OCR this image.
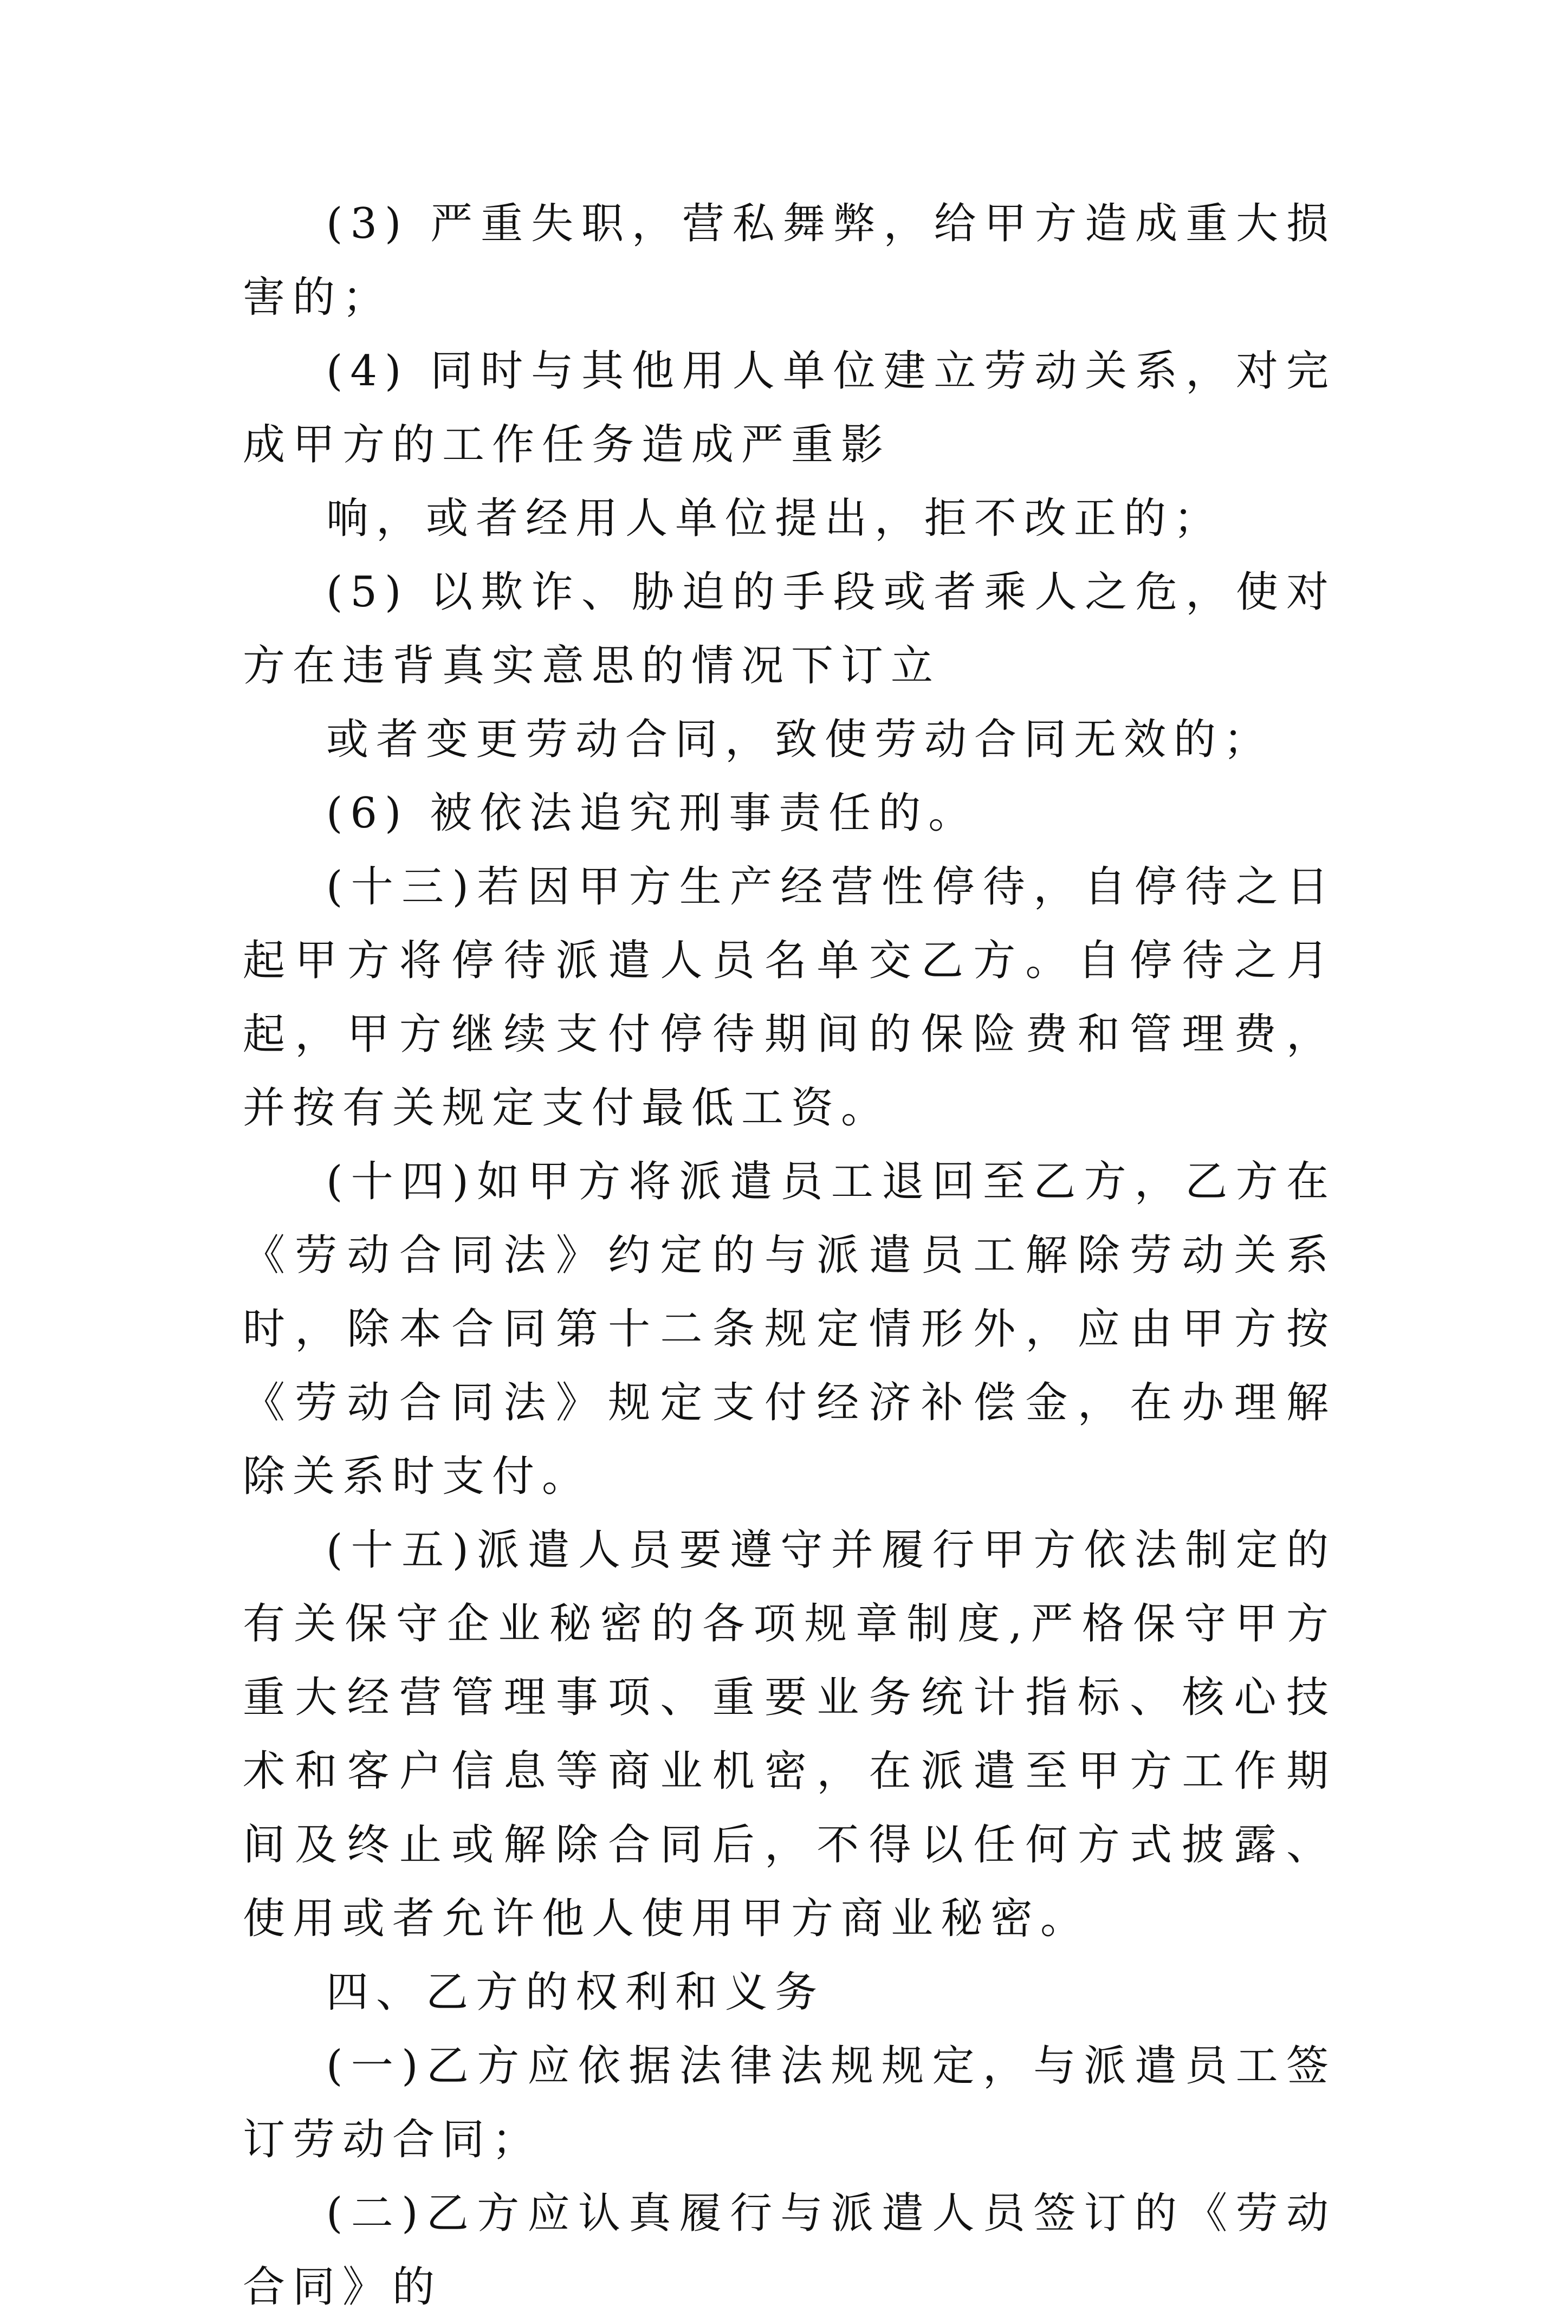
(3) 严重失职，营私舞弊，给甲方造成重大损害的；

(4) 同时与其他用人单位建立劳动关系，对完成甲方的工作任务造成严重影

响，或者经用人单位提出，拒不改正的；

(5) 以欺诈、胁迫的手段或者乘人之危，使对方在违背真实意思的情况下订立

或者变更劳动合同，致使劳动合同无效的；

(6) 被依法追究刑事责任的。

(十三)若因甲方生产经营性停待，自停待之日起甲方将停待派遣人员名单交乙方。自停待之月起，甲方继续支付停待期间的保险费和管理费，并按有关规定支付最低工资。

(十四)如甲方将派遣员工退回至乙方，乙方在《劳动合同法》约定的与派遣员工解除劳动关系时，除本合同第十二条规定情形外，应由甲方按《劳动合同法》规定支付经济补偿金，在办理解除关系时支付。

(十五)派遣人员要遵守并履行甲方依法制定的有关保守企业秘密的各项规章制度,严格保守甲方重大经营管理事项、重要业务统计指标、核心技术和客户信息等商业机密，在派遣至甲方工作期间及终止或解除合同后，不得以任何方式披露、使用或者允许他人使用甲方商业秘密。

四、乙方的权利和义务

(一)乙方应依据法律法规规定，与派遣员工签订劳动合同；

(二)乙方应认真履行与派遣人员签订的《劳动合同》的
